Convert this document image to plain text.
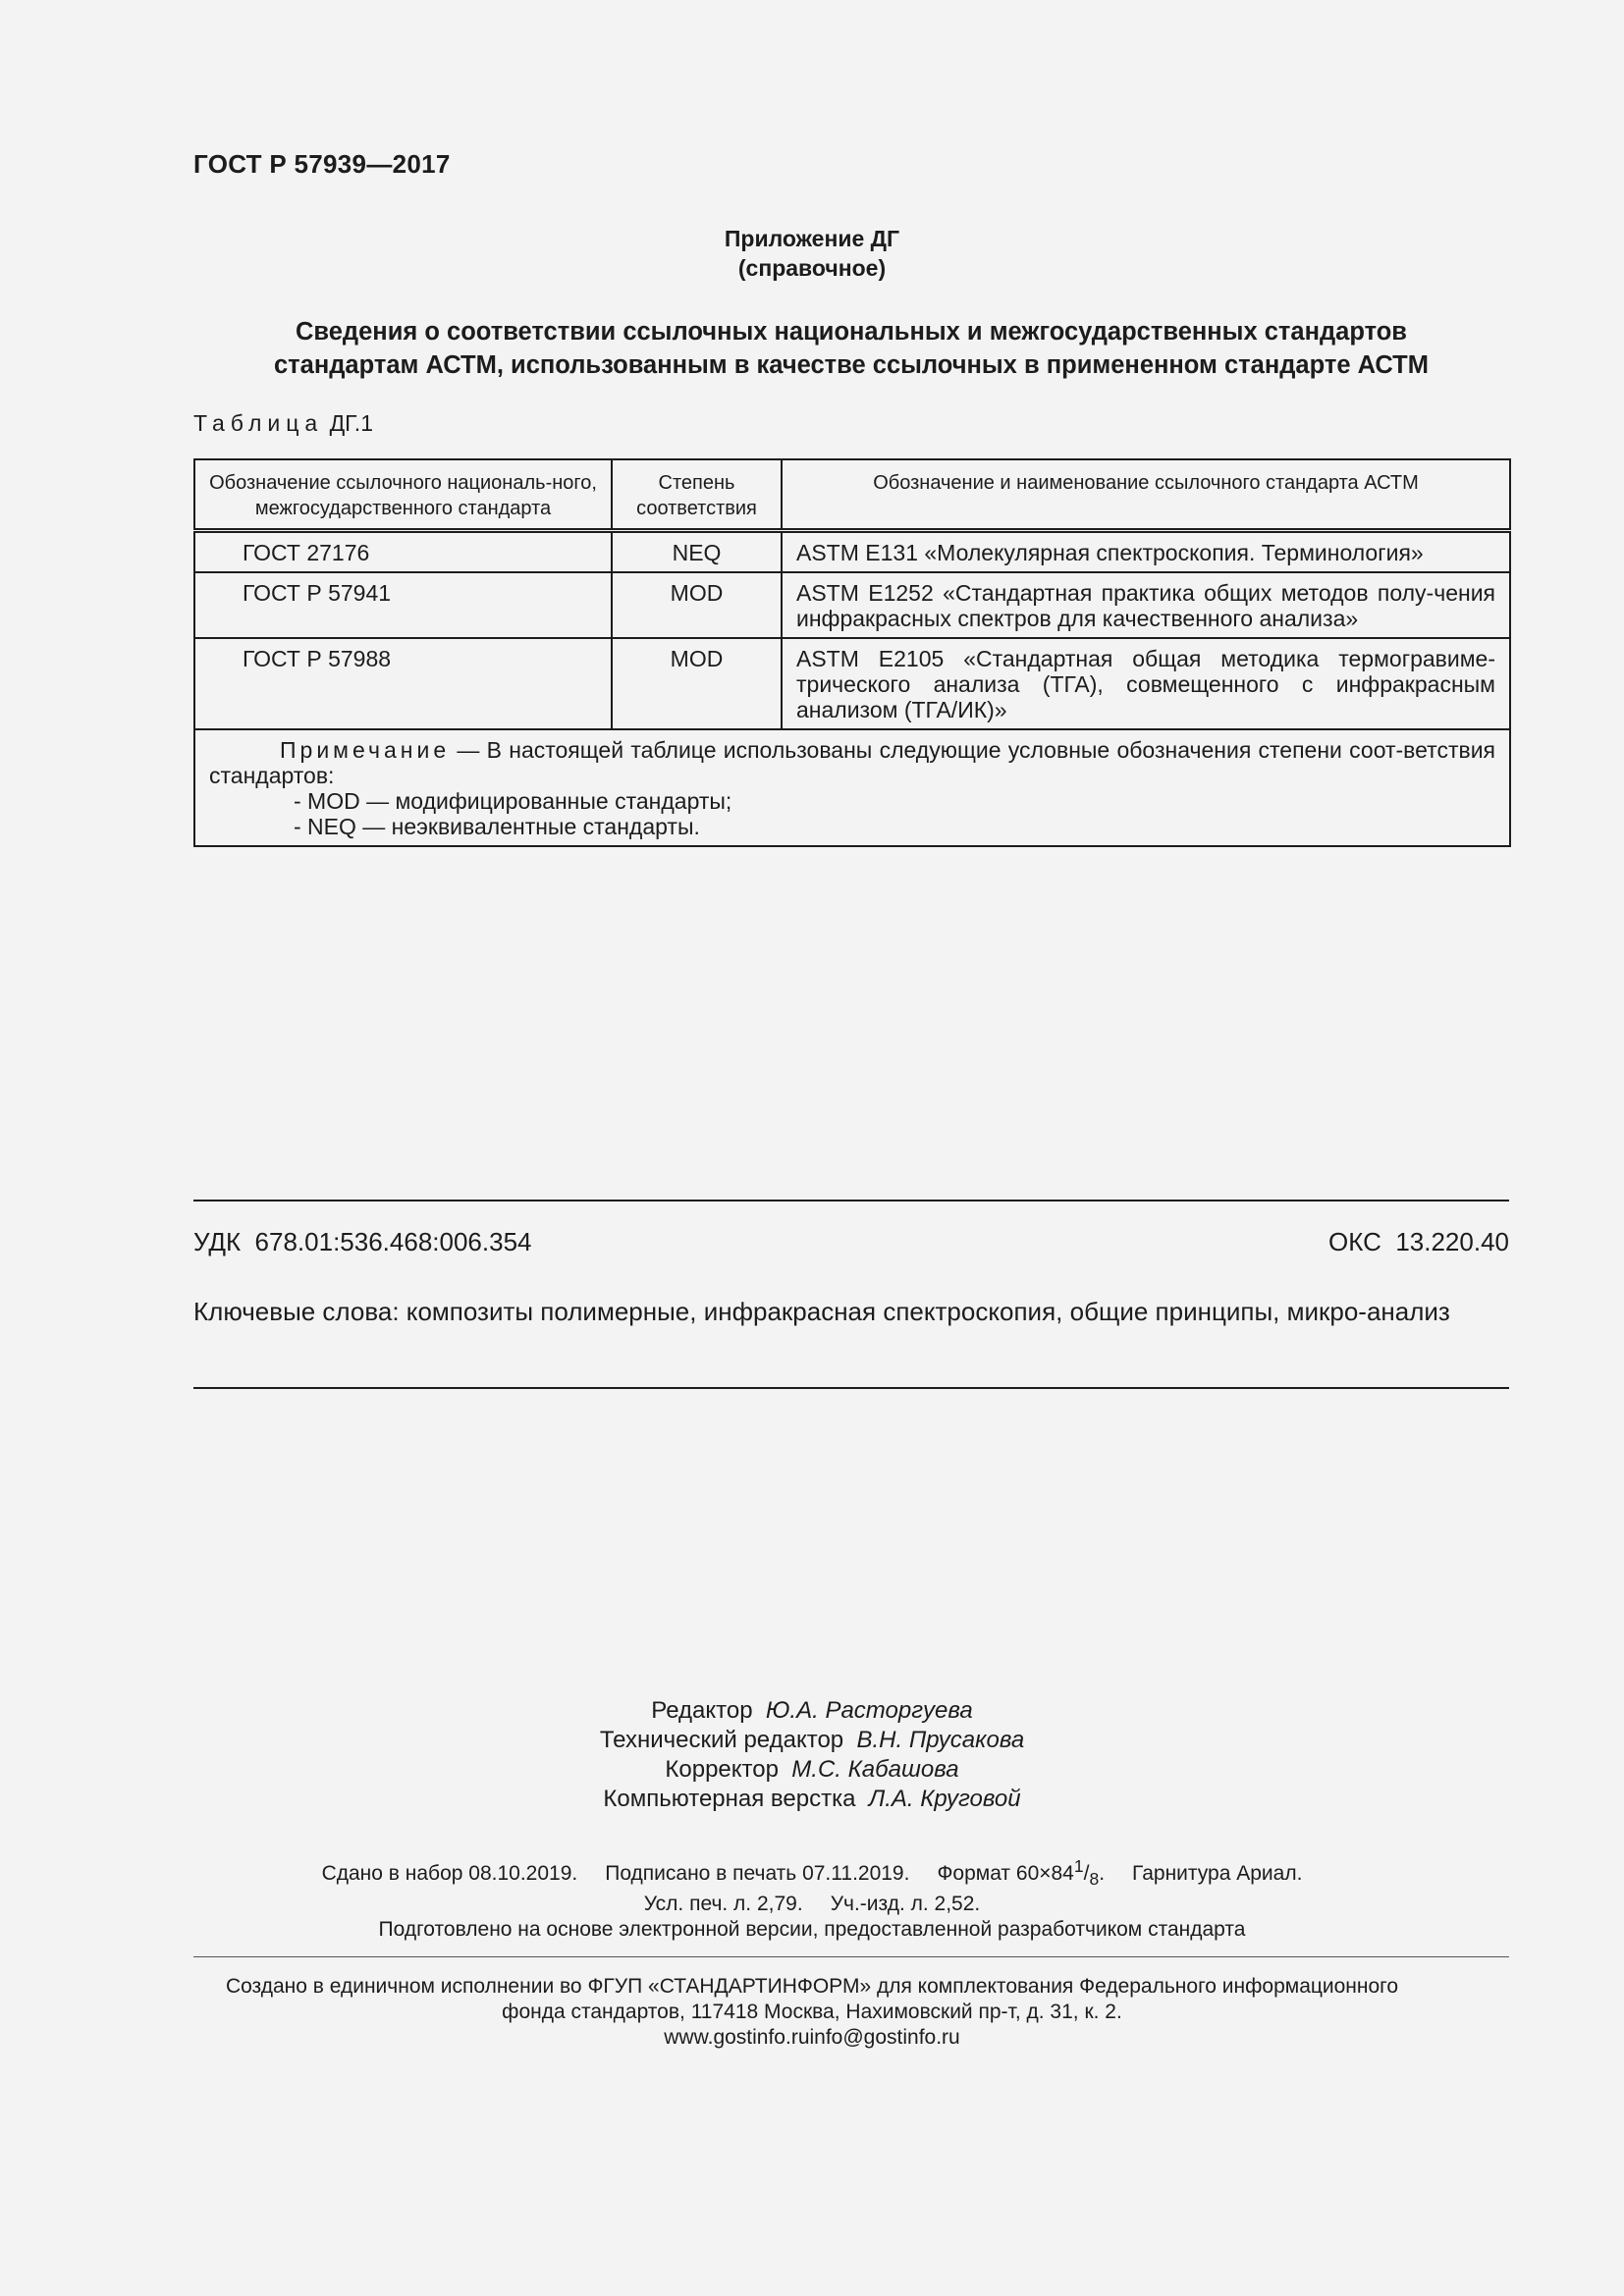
ГОСТ Р 57939—2017
Приложение ДГ
(справочное)
Сведения о соответствии ссылочных национальных и межгосударственных стандартов
стандартам АСТМ, использованным в качестве ссылочных в примененном стандарте АСТМ
Таблица ДГ.1
Обозначение ссылочного националь-ного, межгосударственного стандарта	Степень соответствия	Обозначение и наименование ссылочного стандарта АСТМ
ГОСТ 27176	NEQ	ASTM E131 «Молекулярная спектроскопия. Терминология»
ГОСТ Р 57941	MOD	ASTM E1252 «Стандартная практика общих методов полу-чения инфракрасных спектров для качественного анализа»
ГОСТ Р 57988	MOD	ASTM E2105 «Стандартная общая методика термогравиме-трического анализа (ТГА), совмещенного с инфракрасным анализом (ТГА/ИК)»

Примечание — В настоящей таблице использованы следующие условные обозначения степени соот-ветствия стандартов:
- MOD — модифицированные стандарты;
- NEQ — неэквивалентные стандарты.		
УДК  678.01:536.468:006.354	ОКС  13.220.40
Ключевые слова: композиты полимерные, инфракрасная спектроскопия, общие принципы, микро-анализ
Редактор Ю.А. Расторгуева
Технический редактор В.Н. Прусакова
Корректор М.С. Кабашова
Компьютерная верстка Л.А. Круговой
Сдано в набор 08.10.2019. Подписано в печать 07.11.2019. Формат $60\times 84^1/_8$. Гарнитура Ариал.
Усл. печ. л. 2,79. Уч.-изд. л. 2,52.
Подготовлено на основе электронной версии, предоставленной разработчиком стандарта
Создано в единичном исполнении во ФГУП «СТАНДАРТИНФОРМ» для комплектования Федерального информационного
фонда стандартов, 117418 Москва, Нахимовский пр-т, д. 31, к. 2.
www.gostinfo.ruinfo@gostinfo.ru
